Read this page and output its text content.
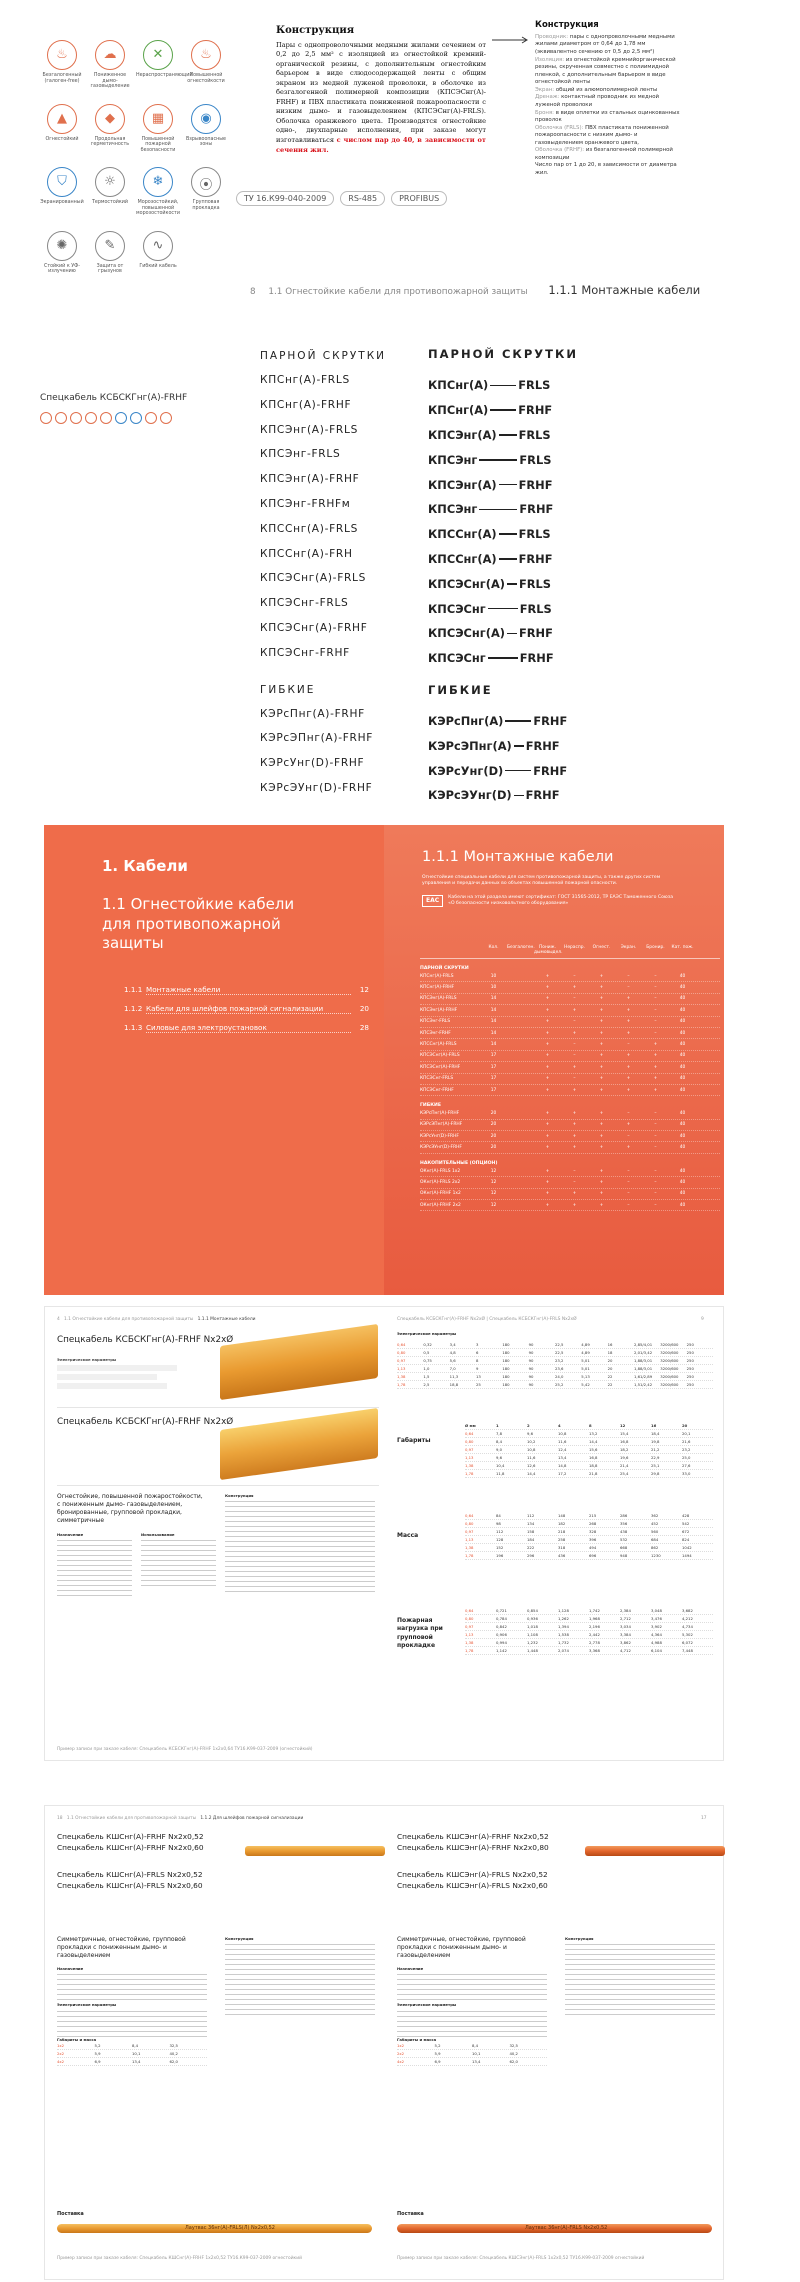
♨
Безгалогенный (галоген-free)
☁
Пониженное дымо- газовыделение
✕
Нераспространяющий
♨
Повышенной огнестойкости
▲
Огнестойкий
◆
Продольная герметичность
▦
Повышенной пожарной безопасности
◉
Взрывоопасные зоны
⛉
Экранированный
☼
Термостойкий
❄
Морозостойкий, повышенной морозостойкости
⦿
Групповая прокладка
✺
Стойкий к УФ-излучению
✎
Защита от грызунов
∿
Гибкий кабель
Спецкабель КСБСКГнг(А)-FRHF
Конструкция
Пары с однопроволочными медными жилами сечением от 0,2 до 2,5 мм² с изоляцией из огнестойкой кремний-органической резины, с дополнительным огнестойким барьером в виде слюдосодержащей ленты с общим экраном из медной луженой проволоки, в оболочке из безгалогенной полимерной композиции (КПСЭСнг(А)-FRHF) и ПВХ пластиката пониженной пожароопасности с низким дымо- и газовыделением (КПСЭСнг(А)-FRLS). Оболочка оранжевого цвета. Производятся огнестойкие одно-, двухпарные исполнения, при заказе могут изготавливаться с числом пар до 40, в зависимости от сечения жил.
Конструкция
Проводник: пары с однопроволочными медными жилами диаметром от 0,64 до 1,78 мм (эквивалентно сечению от 0,5 до 2,5 мм²)
Изоляция: из огнестойкой кремнийорганической резины, скрученная совместно с полиимидной пленкой, с дополнительным барьером в виде огнестойкой ленты
Экран: общий из алюмополимерной ленты
Дренаж: контактный проводник из медной луженой проволоки
Броня: в виде оплетки из стальных оцинкованных проволок
Оболочка (FRLS): ПВХ пластиката пониженной пожароопасности с низким дымо- и газовыделением оранжевого цвета,
Оболочка (FRHF): из безгалогенной полимерной композиции
Число пар от 1 до 20, в зависимости от диаметра жил.
ТУ 16.К99-040-2009	RS-485	PROFIBUS
8 1.1 Огнестойкие кабели для противопожарной защиты 1.1.1 Монтажные кабели
ПАРНОЙ СКРУТКИ
КПСнг(А)-FRLS
КПСнг(А)-FRHF
КПСЭнг(А)-FRLS
КПСЭнг-FRLS
КПСЭнг(А)-FRHF
КПСЭнг-FRHFм
КПССнг(А)-FRLS
КПССнг(А)-FRH
КПСЭСнг(А)-FRLS
КПСЭСнг-FRLS
КПСЭСнг(А)-FRHF
КПСЭСнг-FRHF
ГИБКИЕ
КЭРсПнг(А)-FRHF
КЭРсЭПнг(А)-FRHF
КЭРсУнг(D)-FRHF
КЭРсЭУнг(D)-FRHF
ПАРНОЙ СКРУТКИ
КПСнг(А)	FRLS
КПСнг(А)	FRHF
КПСЭнг(А) FRLS
КПСЭнг	FRLS
КПСЭнг(А) FRHF
КПСЭнг	FRHF
КПССнг(А) FRLS
КПССнг(А) FRHF
КПСЭСнг(А) FRLS
КПСЭСнг	FRLS
КПСЭСнг(А) FRHF
КПСЭСнг	FRHF
ГИБКИЕ
КЭРсПнг(А)	FRHF
КЭРсЭПнг(А) FRHF
КЭРсУнг(D)	FRHF
КЭРсЭУнг(D) FRHF
1. Кабели
1.1 Огнестойкие кабели для противопожарной защиты
1.1.1 Монтажные кабели	12
1.1.2 Кабели для шлейфов пожарной сигнализации	20
1.1.3 Силовые для электроустановок	28
1.1.1 Монтажные кабели
Огнестойкие специальные кабели для систем противопожарной защиты, а также других систем управления и передачи данных во объектах повышенной пожарной опасности.
EAC	Кабели на этой раздела имеют сертификат: ГОСТ 31565-2012, ТР ЕАЭС Таможенного Союза «О безопасности низковольтного оборудования»
Кол.	Безгалоген. Пониж. дымовыдел.
Нераспр.	Огнест.	Экран.	Бронир.	Кат. пож.
ПАРНОЙ СКРУТКИ
КПСнг(А)-FRLS	10	+	–	+	–	–	40
КПСнг(А)-FRHF	10	+	+	+	–	–	40
КПСЭнг(А)-FRLS	14	+	–	+	+	–	40
КПСЭнг(А)-FRHF	14	+	+	+	+	–	40
КПСЭнг-FRLS	14	+	–	+	+	–	40
КПСЭнг-FRHF	14	+	+	+	+	–	40
КПССнг(А)-FRLS	14	+	–	+	–	+	40
КПСЭСнг(А)-FRLS	17	+	–	+	+	+	40
КПСЭСнг(А)-FRHF	17	+	+	+	+	+	40
КПСЭСнг-FRLS	17	+	–	+	+	+	40
КПСЭСнг-FRHF	17	+	+	+	+	+	40
ГИБКИЕ
КЭРсПнг(А)-FRHF	20	+	+	+	–	–	40
КЭРсЭПнг(А)-FRHF	20	+	+	+	+	–	40
КЭРсУнг(D)-FRHF	20	+	+	+	–	–	40
КЭРсЭУнг(D)-FRHF	20	+	+	+	+	–	40
НАКОПИТЕЛЬНЫЕ (ОПЦИОН)
ОКнг(А)-FRLS 1x2	12	+	–	+	–	–	40
ОКнг(А)-FRLS 2x2	12	+	–	+	–	–	40
ОКнг(А)-FRHF 1x2	12	+	+	+	–	–	40
ОКнг(А)-FRHF 2x2	12	+	+	+	–	–	40
4 1.1 Огнестойкие кабели для противопожарной защиты 1.1.1 Монтажные кабели
Спецкабель КСБСКГнг(А)-FRHF Nx2xØ
Электрические параметры
Спецкабель КСБСКГнг(А)-FRHF Nx2xØ
Огнестойкие, повышенной пожаростойкости, с пониженным дымо- газовыделением, бронированные, групповой прокладки, симметричные
Назначение	Использование
Конструкция
Пример записи при заказе кабеля: Спецкабель КСБСКГнг(А)-FRHF 1x2x0,64 ТУ16.К99-037-2009 (огнестойкий)
Спецкабель КСБСКГнг(А)-FRHF Nx2xØ | Спецкабель КСБСКГнг(А)-FRLS Nx2xØ	9
Электрические параметры
0,64	0,32	3,4	3	180	90	22,5	4,89	16	2,85/4,01	3200/600	250
0,80	0,5	4,8	6	180	90	22,5	4,89	18	2,01/3,42	3200/600	250
0,97	0,75	5,6	8	180	90	23,2	5,01	20	1,88/3,01	3200/600	250
1,13	1,0	7,0	9	180	90	23,6	5,01	20	1,88/3,01	3200/600	250
1,38	1,5	11,3	13	180	90	24,0	5,13	22	1,61/2,89	3200/600	250
1,78	2,5	18,8	25	180	90	25,2	5,42	22	1,51/2,42	3200/600	250
Габариты
Ø мм	1	2	4	8	12	16	20
0,64	7,8	9,6	10,8	13,2	15,4	18,4	20,1
0,80	8,4	10,2	11,6	14,4	16,8	19,8	21,6
0,97	9,0	10,8	12,4	15,6	18,2	21,2	23,2
1,13	9,6	11,6	13,4	16,8	19,6	22,9	25,0
1,38	10,4	12,6	14,8	18,8	21,4	25,1	27,6
1,78	11,8	14,4	17,2	21,8	25,4	29,8	33,0
Масса
0,64	84	112	148	215	286	362	428
0,80	98	134	182	268	356	452	542
0,97	112	158	218	328	438	560	672
1,13	128	184	258	396	532	684	824
1,38	152	222	318	494	668	862	1042
1,78	196	296	436	696	948	1230	1494
Пожарная нагрузка при групповой прокладке
0,64	0,721	0,854	1,128	1,742	2,384	3,048	3,682
0,80	0,784	0,936	1,262	1,968	2,712	3,476	4,212
0,97	0,842	1,018	1,394	2,196	3,034	3,902	4,734
1,13	0,906	1,108	1,538	2,442	3,384	4,364	5,302
1,38	0,994	1,232	1,732	2,778	3,862	4,988	6,072
1,78	1,142	1,448	2,074	3,368	4,712	6,104	7,448
18 1.1 Огнестойкие кабели для противопожарной защиты 1.1.2 Для шлейфов пожарной сигнализации	17
Спецкабель КШСнг(А)-FRHF Nx2x0,52
Спецкабель КШСнг(А)-FRHF Nx2x0,60
Спецкабель КШСнг(А)-FRLS Nx2x0,52
Спецкабель КШСнг(А)-FRLS Nx2x0,60
Спецкабель КШСЭнг(А)-FRHF Nx2x0,52
Спецкабель КШСЭнг(А)-FRHF Nx2x0,80
Спецкабель КШСЭнг(А)-FRLS Nx2x0,52
Спецкабель КШСЭнг(А)-FRLS Nx2x0,60
Симметричные, огнестойкие, групповой прокладки с пониженным дымо- и газовыделением
Симметричные, огнестойкие, групповой прокладки с пониженным дымо- и газовыделением
Назначение
Электрические параметры
Габариты и масса
1x2	5,2	8,4	32,5
2x2	5,9	10,1	40,2
4x2	6,9	13,4	62,0
Конструкция
Назначение
Электрические параметры
Габариты и масса
1x2	5,2	8,4	32,5
2x2	5,9	10,1	40,2
4x2	6,9	13,4	62,0
Конструкция
Поставка	Поставка
Лаутвас 36нг(А)-FRLS(Л) Nx2x0,52	Лаутвас 36нг(А)-FRLS Nx2x0,52
Пример записи при заказе кабеля: Спецкабель КШСнг(А)-FRHF 1x2x0,52 ТУ16.К99-037-2009 огнестойкий	Пример записи при заказе кабеля: Спецкабель КШСЭнг(А)-FRLS 1x2x0,52 ТУ16.К99-037-2009 огнестойкий
